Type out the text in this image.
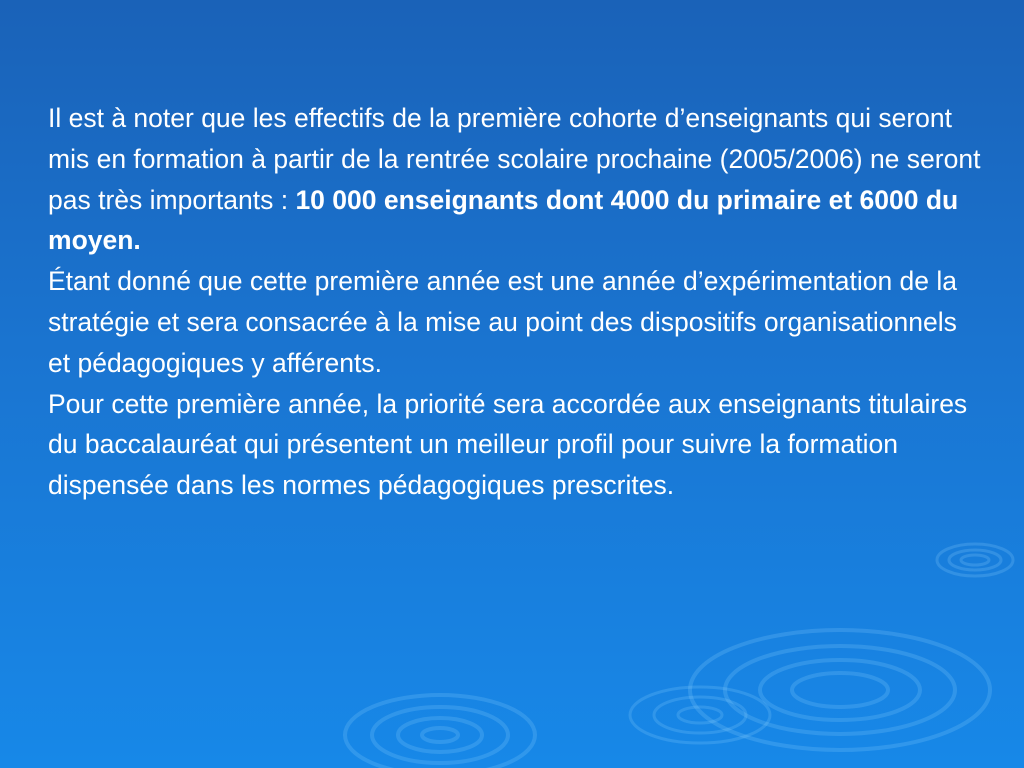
Il est à noter que les effectifs de la première cohorte d’enseignants qui seront mis en formation à partir de la rentrée scolaire prochaine (2005/2006) ne seront pas très importants : 10 000 enseignants dont 4000 du primaire et 6000 du moyen.

Étant donné que cette première année est une année d’expérimentation de la stratégie et sera consacrée à la mise au point des dispositifs organisationnels et pédagogiques y afférents.

Pour cette première année, la priorité sera accordée aux enseignants titulaires du baccalauréat qui présentent un meilleur profil pour suivre la formation dispensée dans les normes pédagogiques prescrites.
